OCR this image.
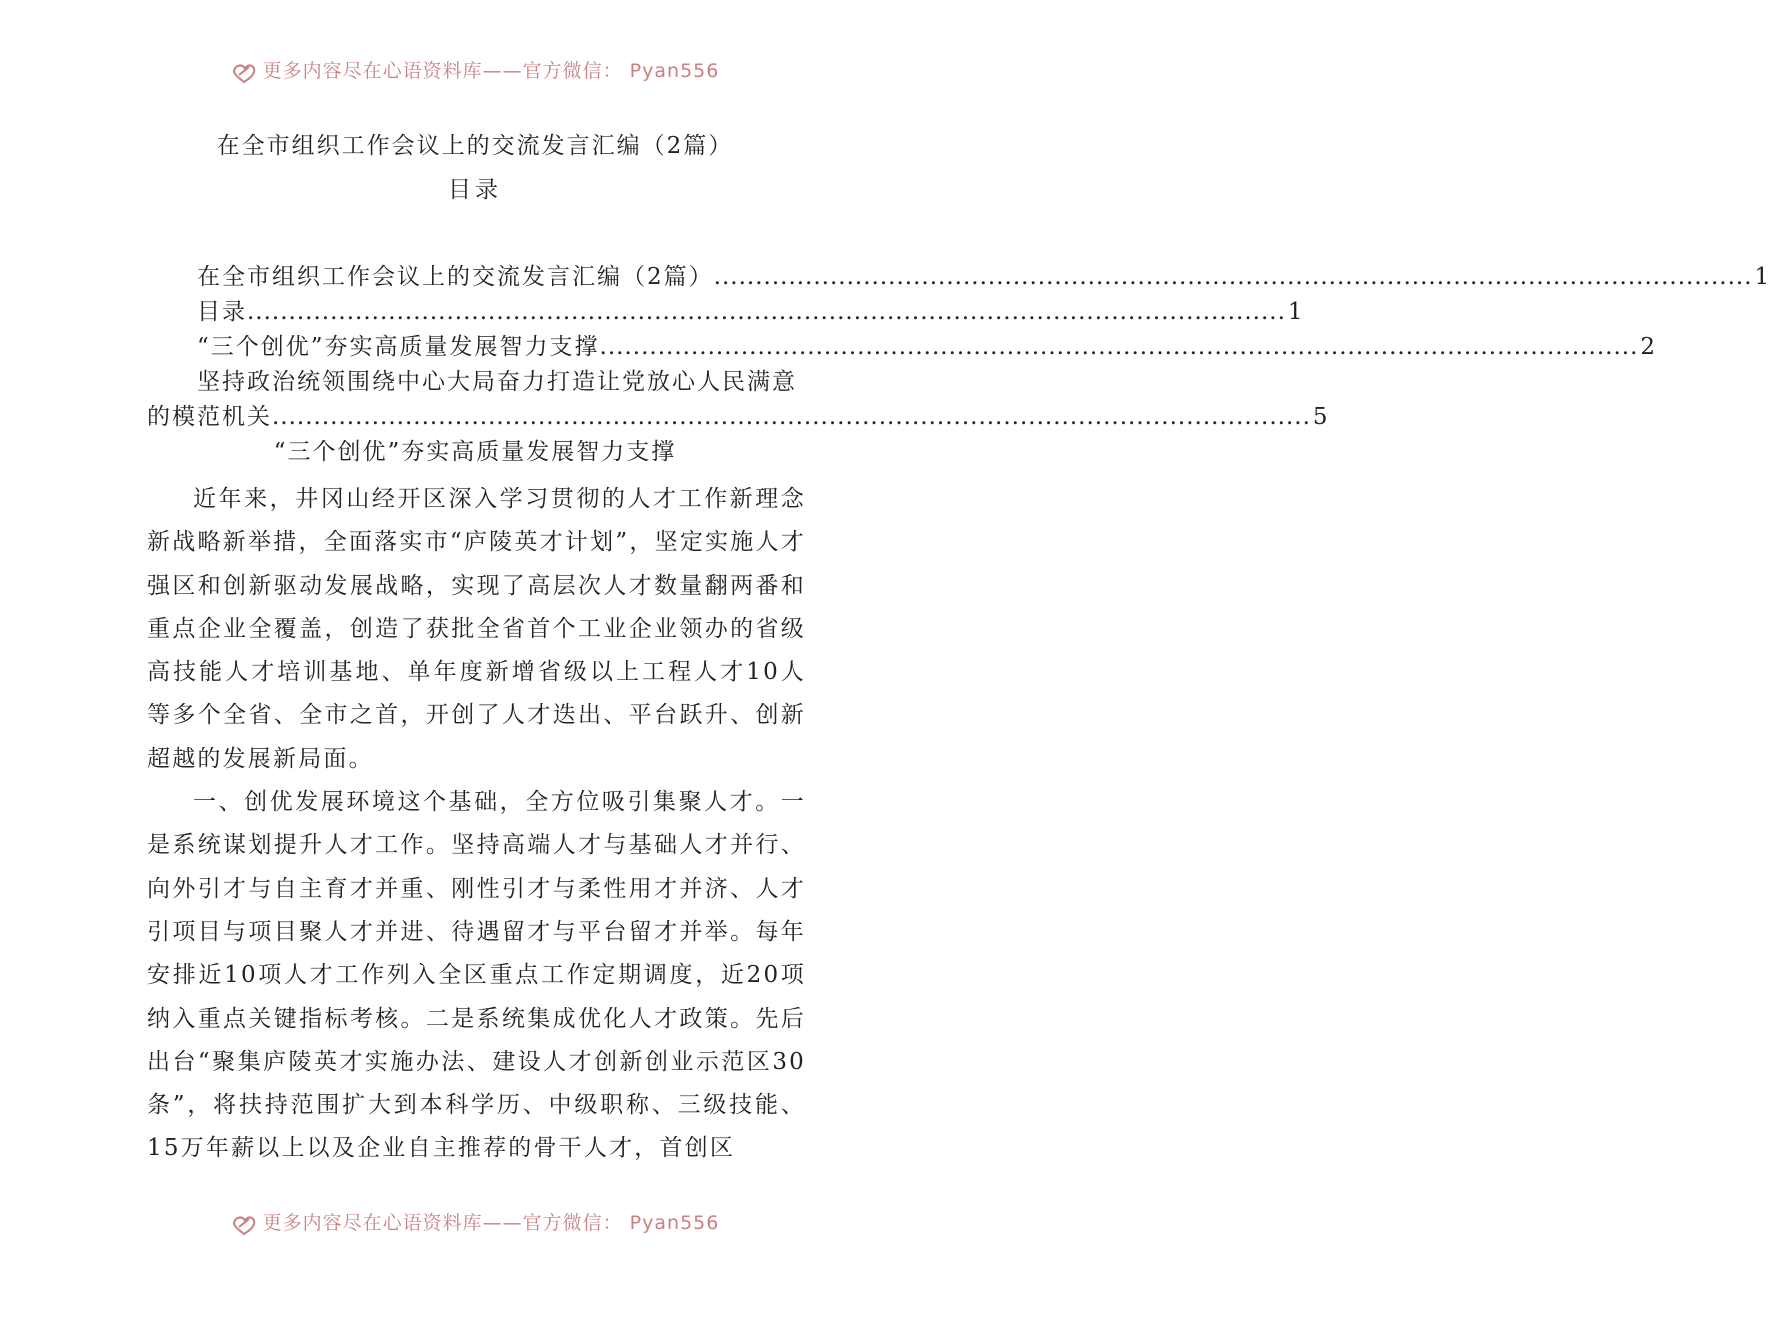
更多内容尽在心语资料库——官方微信： Pyan556
在全市组织工作会议上的交流发言汇编（2篇）
目录
在全市组织工作会议上的交流发言汇编（2篇） ............................................................................................................................. 1
目录 ............................................................................................................................. 1
“三个创优”夯实高质量发展智力支撑 ............................................................................................................................. 2
坚持政治统领围绕中心大局奋力打造让党放心人民满意
的模范机关 ............................................................................................................................. 5
“三个创优”夯实高质量发展智力支撑

近年来，井冈山经开区深入学习贯彻的人才工作新理念新战略新举措，全面落实市“庐陵英才计划”，坚定实施人才强区和创新驱动发展战略，实现了高层次人才数量翻两番和重点企业全覆盖，创造了获批全省首个工业企业领办的省级高技能人才培训基地、单年度新增省级以上工程人才10人等多个全省、全市之首，开创了人才迭出、平台跃升、创新超越的发展新局面。

一、创优发展环境这个基础，全方位吸引集聚人才。一是系统谋划提升人才工作。坚持高端人才与基础人才并行、向外引才与自主育才并重、刚性引才与柔性用才并济、人才引项目与项目聚人才并进、待遇留才与平台留才并举。每年安排近10项人才工作列入全区重点工作定期调度，近20项纳入重点关键指标考核。二是系统集成优化人才政策。先后出台“聚集庐陵英才实施办法、建设人才创新创业示范区30条”，将扶持范围扩大到本科学历、中级职称、三级技能、15万年薪以上以及企业自主推荐的骨干人才，首创区

更多内容尽在心语资料库——官方微信： Pyan556
